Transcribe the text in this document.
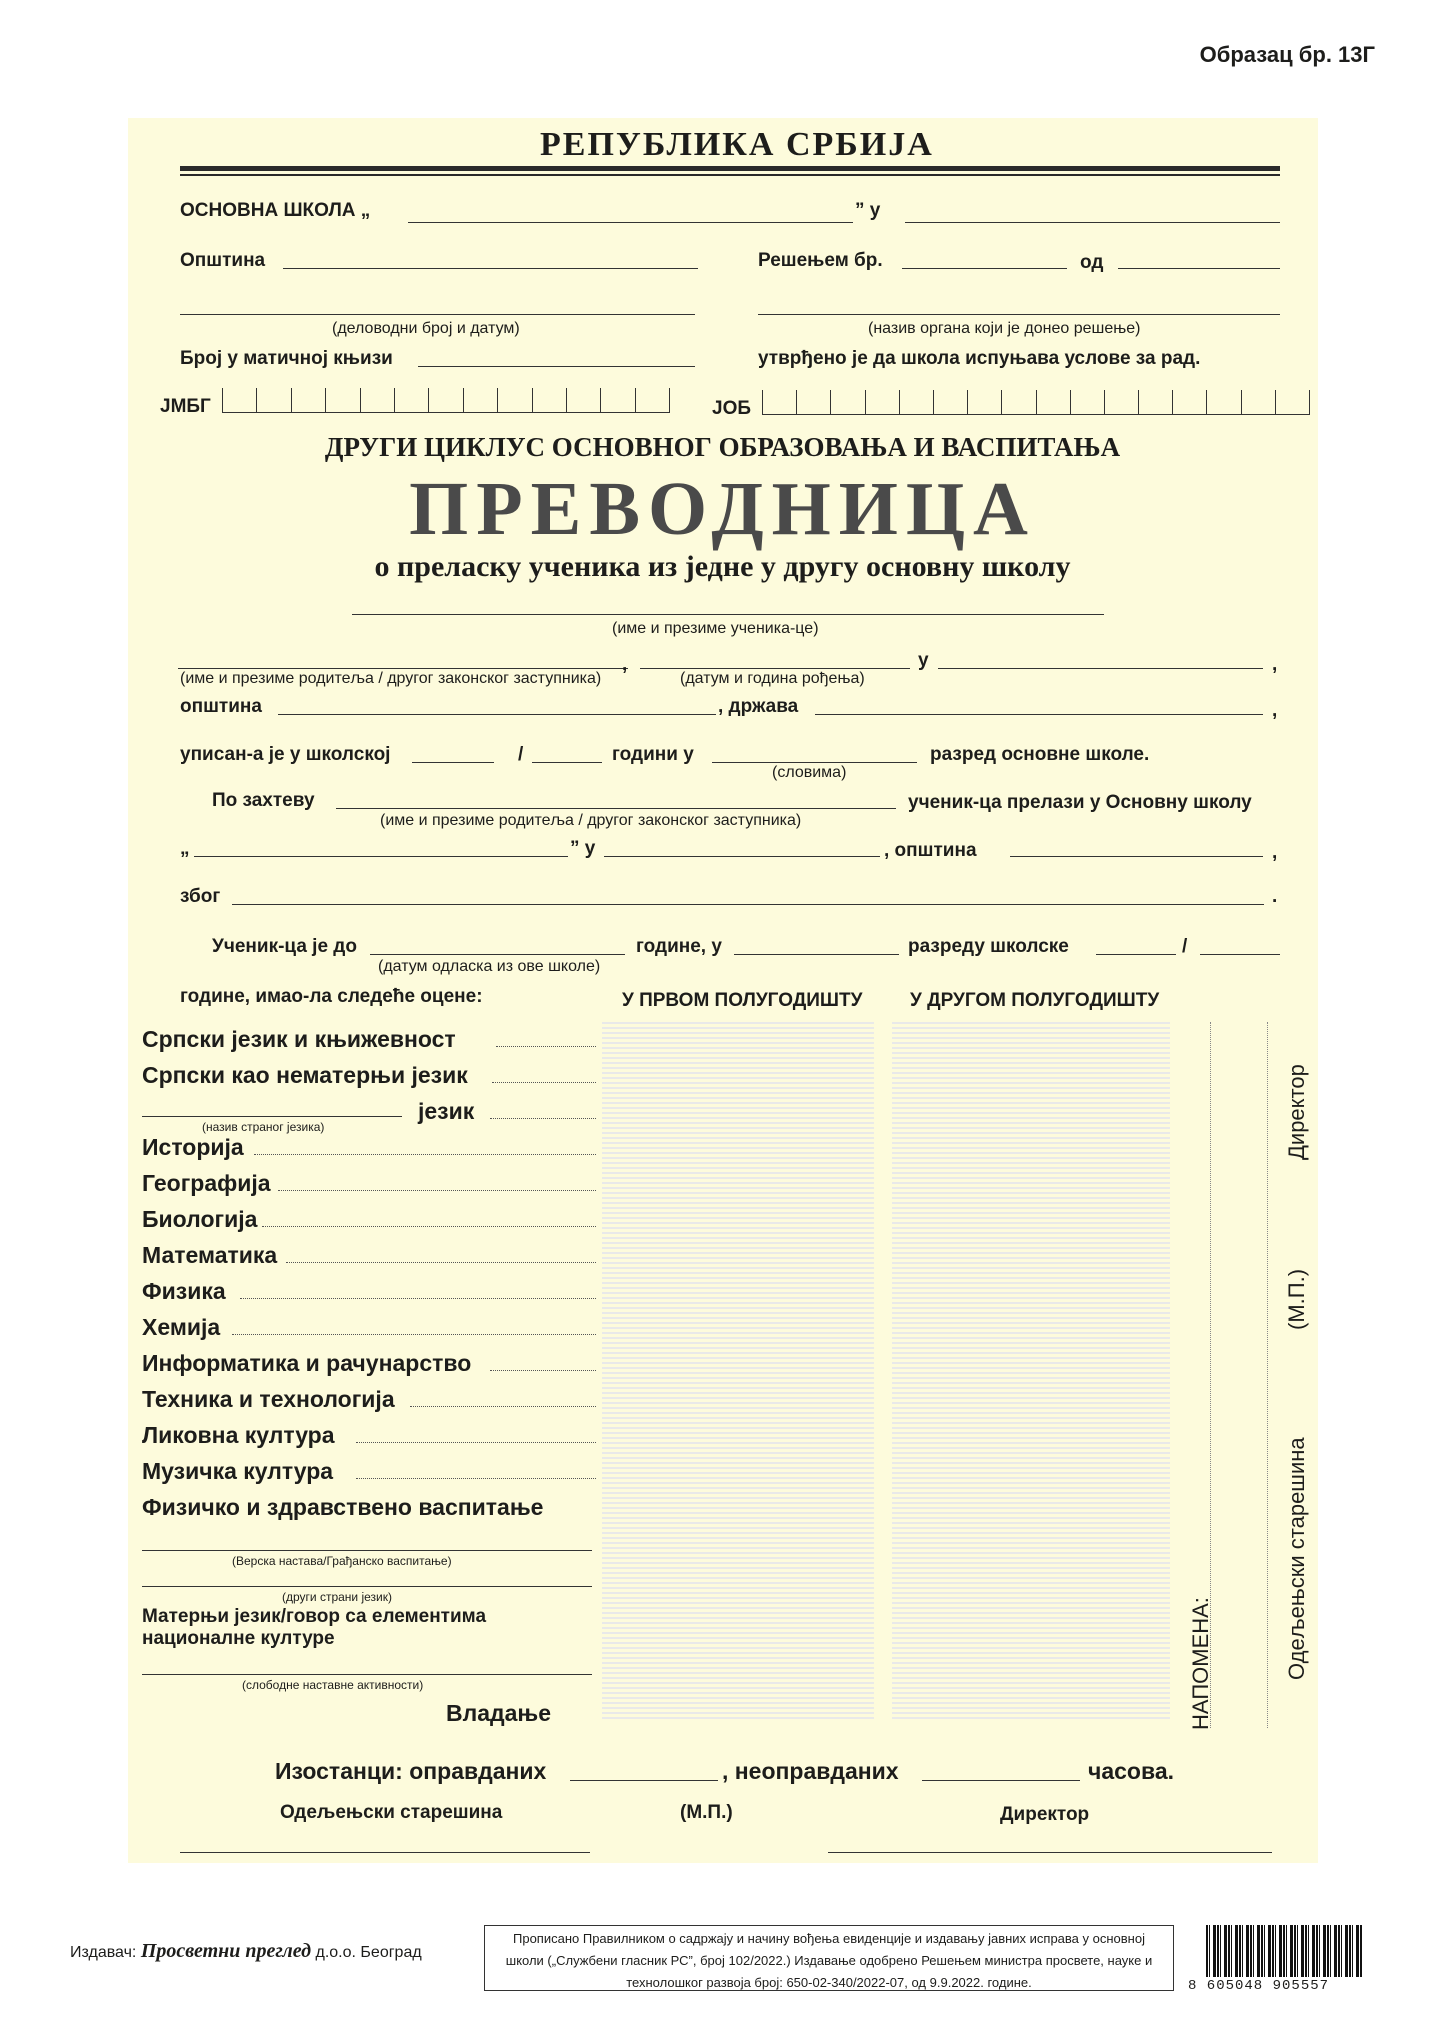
Образац бр. 13Г
РЕПУБЛИКА СРБИЈА
ОСНОВНА ШКОЛА „	” у
Општина	Решењем бр.	од
(деловодни број и датум)	(назив органа који је донео решење)
Број у матичној књизи	утврђено је да школа испуњава услове за рад.
ЈМБГ	ЈОБ
ДРУГИ ЦИКЛУС ОСНОВНОГ ОБРАЗОВАЊА И ВАСПИТАЊА
ПРЕВОДНИЦА
о преласку ученика из једне у другу основну школу
(име и презиме ученика-це)
,	у	,
(име и презиме родитеља / другог законског заступника)	(датум и година рођења)
општина	, држава	,
уписан-а је у школској	/	години у
(словима)
разред основне школе.
По захтеву
(име и презиме родитеља / другог законског заступника)
ученик-ца прелази у Основну школу
„	” у	, општина	,
због	.
Ученик-ца је до
(датум одласка из ове школе)
године, у	разреду школске	/
године, имао-ла следеће оцене:	У ПРВОМ ПОЛУГОДИШТУ	У ДРУГОМ ПОЛУГОДИШТУ
Српски језик и књижевност
Српски као нематерњи језик
(назив страног језика)
језик
Историја
Географија
Биологија
Математика
Физика
Хемија
Информатика и рачунарство
Техника и технологија
Ликовна култура
Музичка култура
Физичко и здравствено васпитање
(Верска настава/Грађанско васпитање)
(други страни језик)
Матерњи језик/говор са елементима
националне културе
(слободне наставне активности)
Владање
Директор
(М.П.)
Одељењски старешина
НАПОМЕНА:
Изостанци: оправданих	, неоправданих	часова.
Одељењски старешина	(М.П.)	Директор
Издавач: Просветни преглед д.о.о. Београд
Прописано Правилником о садржају и начину вођења евиденције и издавању јавних исправа у основној
школи („Службени гласник РС”, број 102/2022.) Издавање одобрено Решењем министра просвете, науке и
технолошког развоја број: 650-02-340/2022-07, од 9.9.2022. године.	8 605048 905557
